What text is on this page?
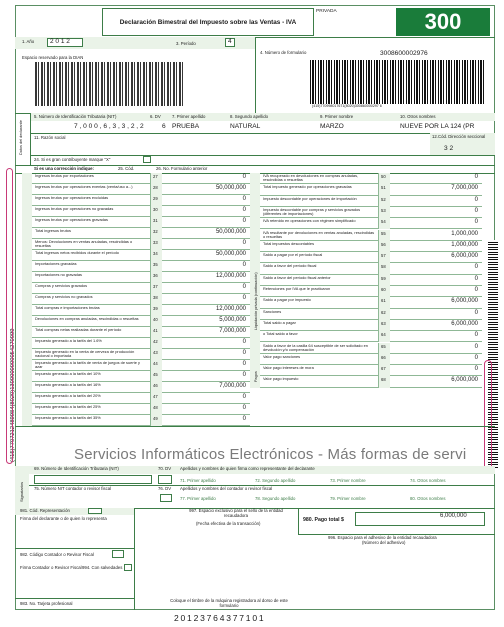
Declaración Bimestral del Impuesto sobre las Ventas - IVA
PRIVADA	300
1. Año 2 0 1 2	3. Período	4
Espacio reservado para la DIAN
4. Número de formulario	3008600002976
(415)770998017671(8020)300860000297 6
5. Número de Identificación Tributaria (NIT)	6. DV	7. Primer apellido	8. Segundo apellido	9. Primer nombre	10. Otros nombres
7 , 0 0 0 , 6 , 3 , 3 , 2 , 2	6 PRUEBA	NATURAL	MARZO	NUEVE POR LA 124 (PR
11. Razón social	12.Cód. Dirección seccional
3 2
Datos del declarante
24. Si es gran contribuyente marque "X"
Si es una corrección indique:	25. Cód.	26. No. Formulario anterior
(415)7707212489984(8020)1300000000054270099
Liquidación privada (continuación)
Pagos
Ingresos brutos por exportaciones	27	0
Ingresos brutos por operaciones exentas (venta/uso a...)	28	50,000,000
Ingresos brutos por operaciones excluidas	29	0
Ingresos brutos por operaciones no gravadas	30	0
Ingresos brutos por operaciones gravadas	31	0
Total ingresos brutos	32	50,000,000
Menos: Devoluciones en ventas anuladas, rescindidas o resueltas
33	0
Total ingresos netos recibidos durante el período	34	50,000,000
Importaciones gravadas	35	0
Importaciones no gravadas	36	12,000,000
Compras y servicios gravados	37	0
Compras y servicios no gravados	38	0
Total compras e importaciones brutas	39	12,000,000
Devoluciones en compras anuladas, rescindidas o resueltas	40	5,000,000
Total compras netas realizadas durante el período	41	7,000,000
Impuesto generado a la tarifa del 1.6%	42	0
Impuesto generado en la venta de cerveza de producción nacional o importada
43	0
Impuesto generado a la tarifa de venta de juegos de suerte y azar
44	0
Impuesto generado a la tarifa del 10%	45	0
Impuesto generado a la tarifa del 16%	46	7,000,000
Impuesto generado a la tarifa del 20%	47	0
Impuesto generado a la tarifa del 25%	48	0
Impuesto generado a la tarifa del 35%	49	0
IVA recuperado en devoluciones en compras anuladas, rescindidas o resueltas
50	0
Total impuesto generado por operaciones gravadas	51	7,000,000
Impuesto descontable por operaciones de importación	52	0
Impuesto descontable por compras y servicios gravados (diferentes de importaciones)
53	0
IVA retenido en operaciones con régimen simplificado	54	0
IVA resultante por devoluciones en ventas anuladas, rescindidas o resueltas
55	1,000,000
Total impuestos descontables	56	1,000,000
Saldo a pagar por el período fiscal	57	6,000,000
Saldo a favor del período fiscal	58	0
Saldo a favor del período fiscal anterior	59	0
Retenciones por IVA que le practicaron	60	0
Saldo a pagar por impuesto	61	6,000,000
Sanciones	62	0
Total saldo a pagar	63	6,000,000
o Total saldo a favor	64	0
Saldo a favor de la casilla 64 susceptible de ser solicitado en devolución y/o compensación
65	0
Valor pago sanciones	66	0
Valor pago intereses de mora	67	0
Valor pago impuesto	68	6,000,000
Servicios Informáticos Electrónicos - Más formas de servi
Signatarios
69. Número de Identificación Tributaria (NIT)	70. DV Apellidos y nombres de quien firma como representante del declarante
71. Primer apellido	72. Segundo apellido	73. Primer nombre	74. Otros nombres
75. Número NIT contador o revisor fiscal	76. DV Apellidos y nombres del contador o revisor fiscal
77. Primer apellido	78. Segundo apellido	79. Primer nombre	80. Otros nombres
981. Cód. Representación
Firma del declarante o de quien lo representa
997. Espacio exclusivo para el sello de la entidad recaudadora
(Fecha efectiva de la transacción)
980. Pago total $
6,000,000
996. Espacio para el adhesivo de la entidad recaudadora
(Número del adhesivo)
982. Código Contador o Revisor Fiscal
Firma Contador o Revisor Fiscal 994. Con salvedades
983. No. Tarjeta profesional
Coloque el timbre de la máquina registradora al dorso de este formulario
20123764377101
